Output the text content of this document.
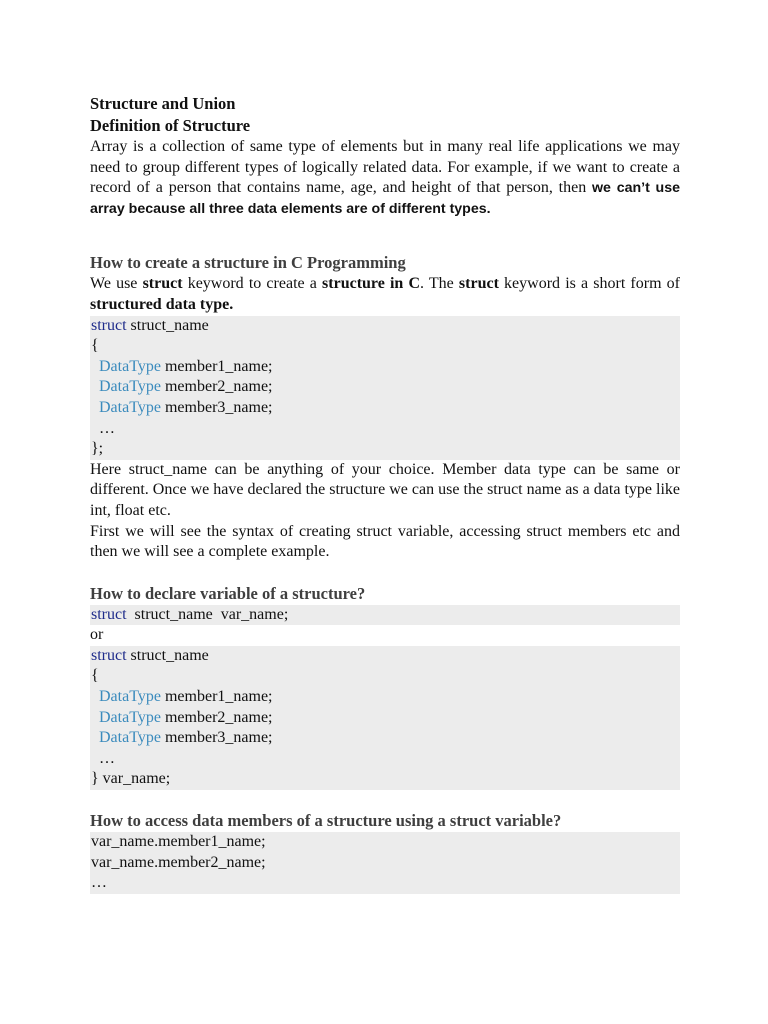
Structure and Union
Definition of Structure

Array is a collection of same type of elements but in many real life applications we may need to group different types of logically related data. For example, if we want to create a record of a person that contains name, age, and height of that person, then we can’t use array because all three data elements are of different types.

How to create a structure in C Programming

We use struct keyword to create a structure in C. The struct keyword is a short form of structured data type.

struct struct_name
{
DataType member1_name;
DataType member2_name;
DataType member3_name;
…
};

Here struct_name can be anything of your choice. Member data type can be same or different. Once we have declared the structure we can use the struct name as a data type like int, float etc.

First we will see the syntax of creating struct variable, accessing struct members etc and then we will see a complete example.

How to declare variable of a structure?
struct  struct_name  var_name;

or

struct struct_name
{
DataType member1_name;
DataType member2_name;
DataType member3_name;
…
} var_name;
How to access data members of a structure using a struct variable?
var_name.member1_name;
var_name.member2_name;
…
